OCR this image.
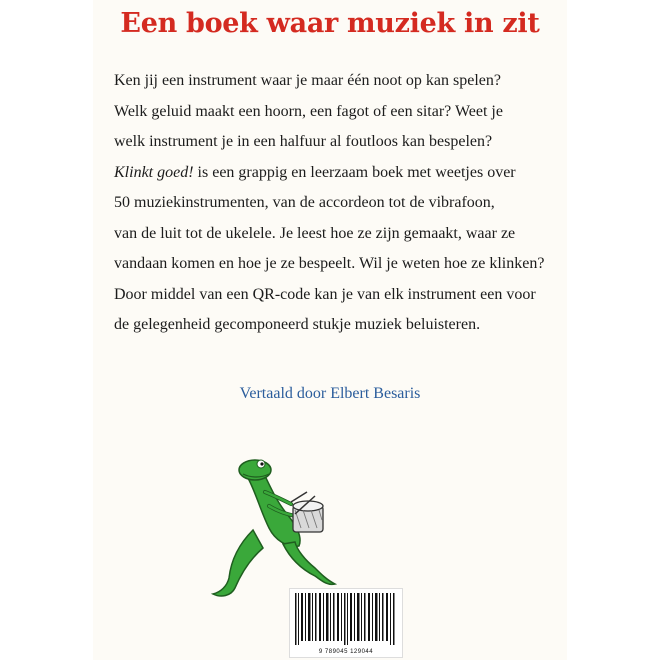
Een boek waar muziek in zit
Ken jij een instrument waar je maar één noot op kan spelen?
Welk geluid maakt een hoorn, een fagot of een sitar? Weet je
welk instrument je in een halfuur al foutloos kan bespelen?
Klinkt goed! is een grappig en leerzaam boek met weetjes over
50 muziekinstrumenten, van de accordeon tot de vibrafoon,
van de luit tot de ukelele. Je leest hoe ze zijn gemaakt, waar ze
vandaan komen en hoe je ze bespeelt. Wil je weten hoe ze klinken?
Door middel van een QR-code kan je van elk instrument een voor
de gelegenheid gecomponeerd stukje muziek beluisteren.
Vertaald door Elbert Besaris
9 789045 129044
